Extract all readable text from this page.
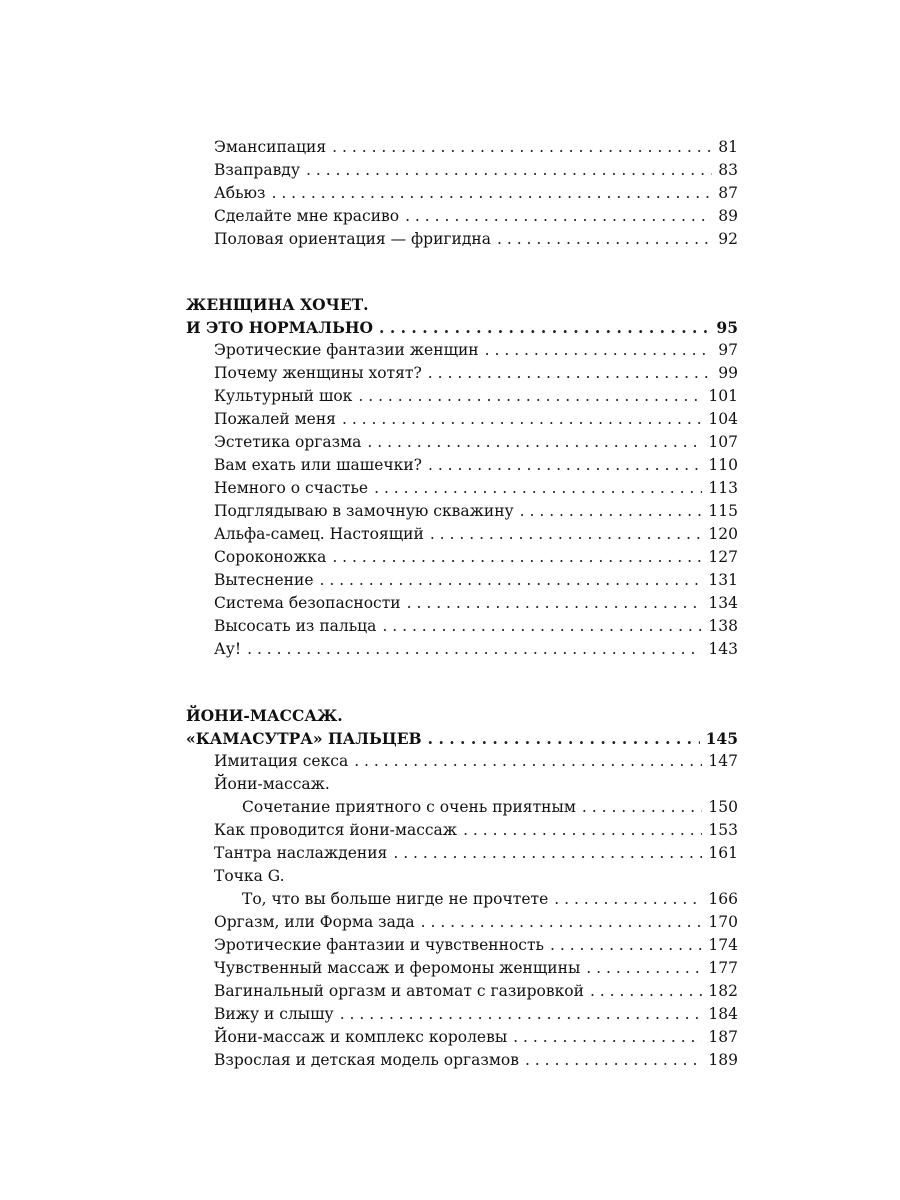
Эмансипация . . .	81
Взаправду . . .	83
Абьюз . . .	87
Сделайте мне красиво . . .	89
Половая ориентация — фригидна . . .	92
ЖЕНЩИНА ХОЧЕТ.
И ЭТО НОРМАЛЬНО . . .	95
Эротические фантазии женщин . . .	97
Почему женщины хотят? . . .	99
Культурный шок . . .	101
Пожалей меня . . .	104
Эстетика оргазма . . .	107
Вам ехать или шашечки? . . .	110
Немного о счастье . . .	113
Подглядываю в замочную скважину . . .	115
Альфа-самец. Настоящий . . .	120
Сороконожка . . .	127
Вытеснение . . .	131
Система безопасности . . .	134
Высосать из пальца . . .	138
Ау! . . .	143
ЙОНИ-МАССАЖ.
«КАМАСУТРА» ПАЛЬЦЕВ . . .	145
Имитация секса . . .	147
Йони-массаж.
Сочетание приятного с очень приятным . . .	150
Как проводится йони-массаж . . .	153
Тантра наслаждения . . .	161
Точка G.
То, что вы больше нигде не прочтете . . .	166
Оргазм, или Форма зада . . .	170
Эротические фантазии и чувственность . . .	174
Чувственный массаж и феромоны женщины . . .	177
Вагинальный оргазм и автомат с газировкой . . .	182
Вижу и слышу . . .	184
Йони-массаж и комплекс королевы . . .	187
Взрослая и детская модель оргазмов . . .	189
